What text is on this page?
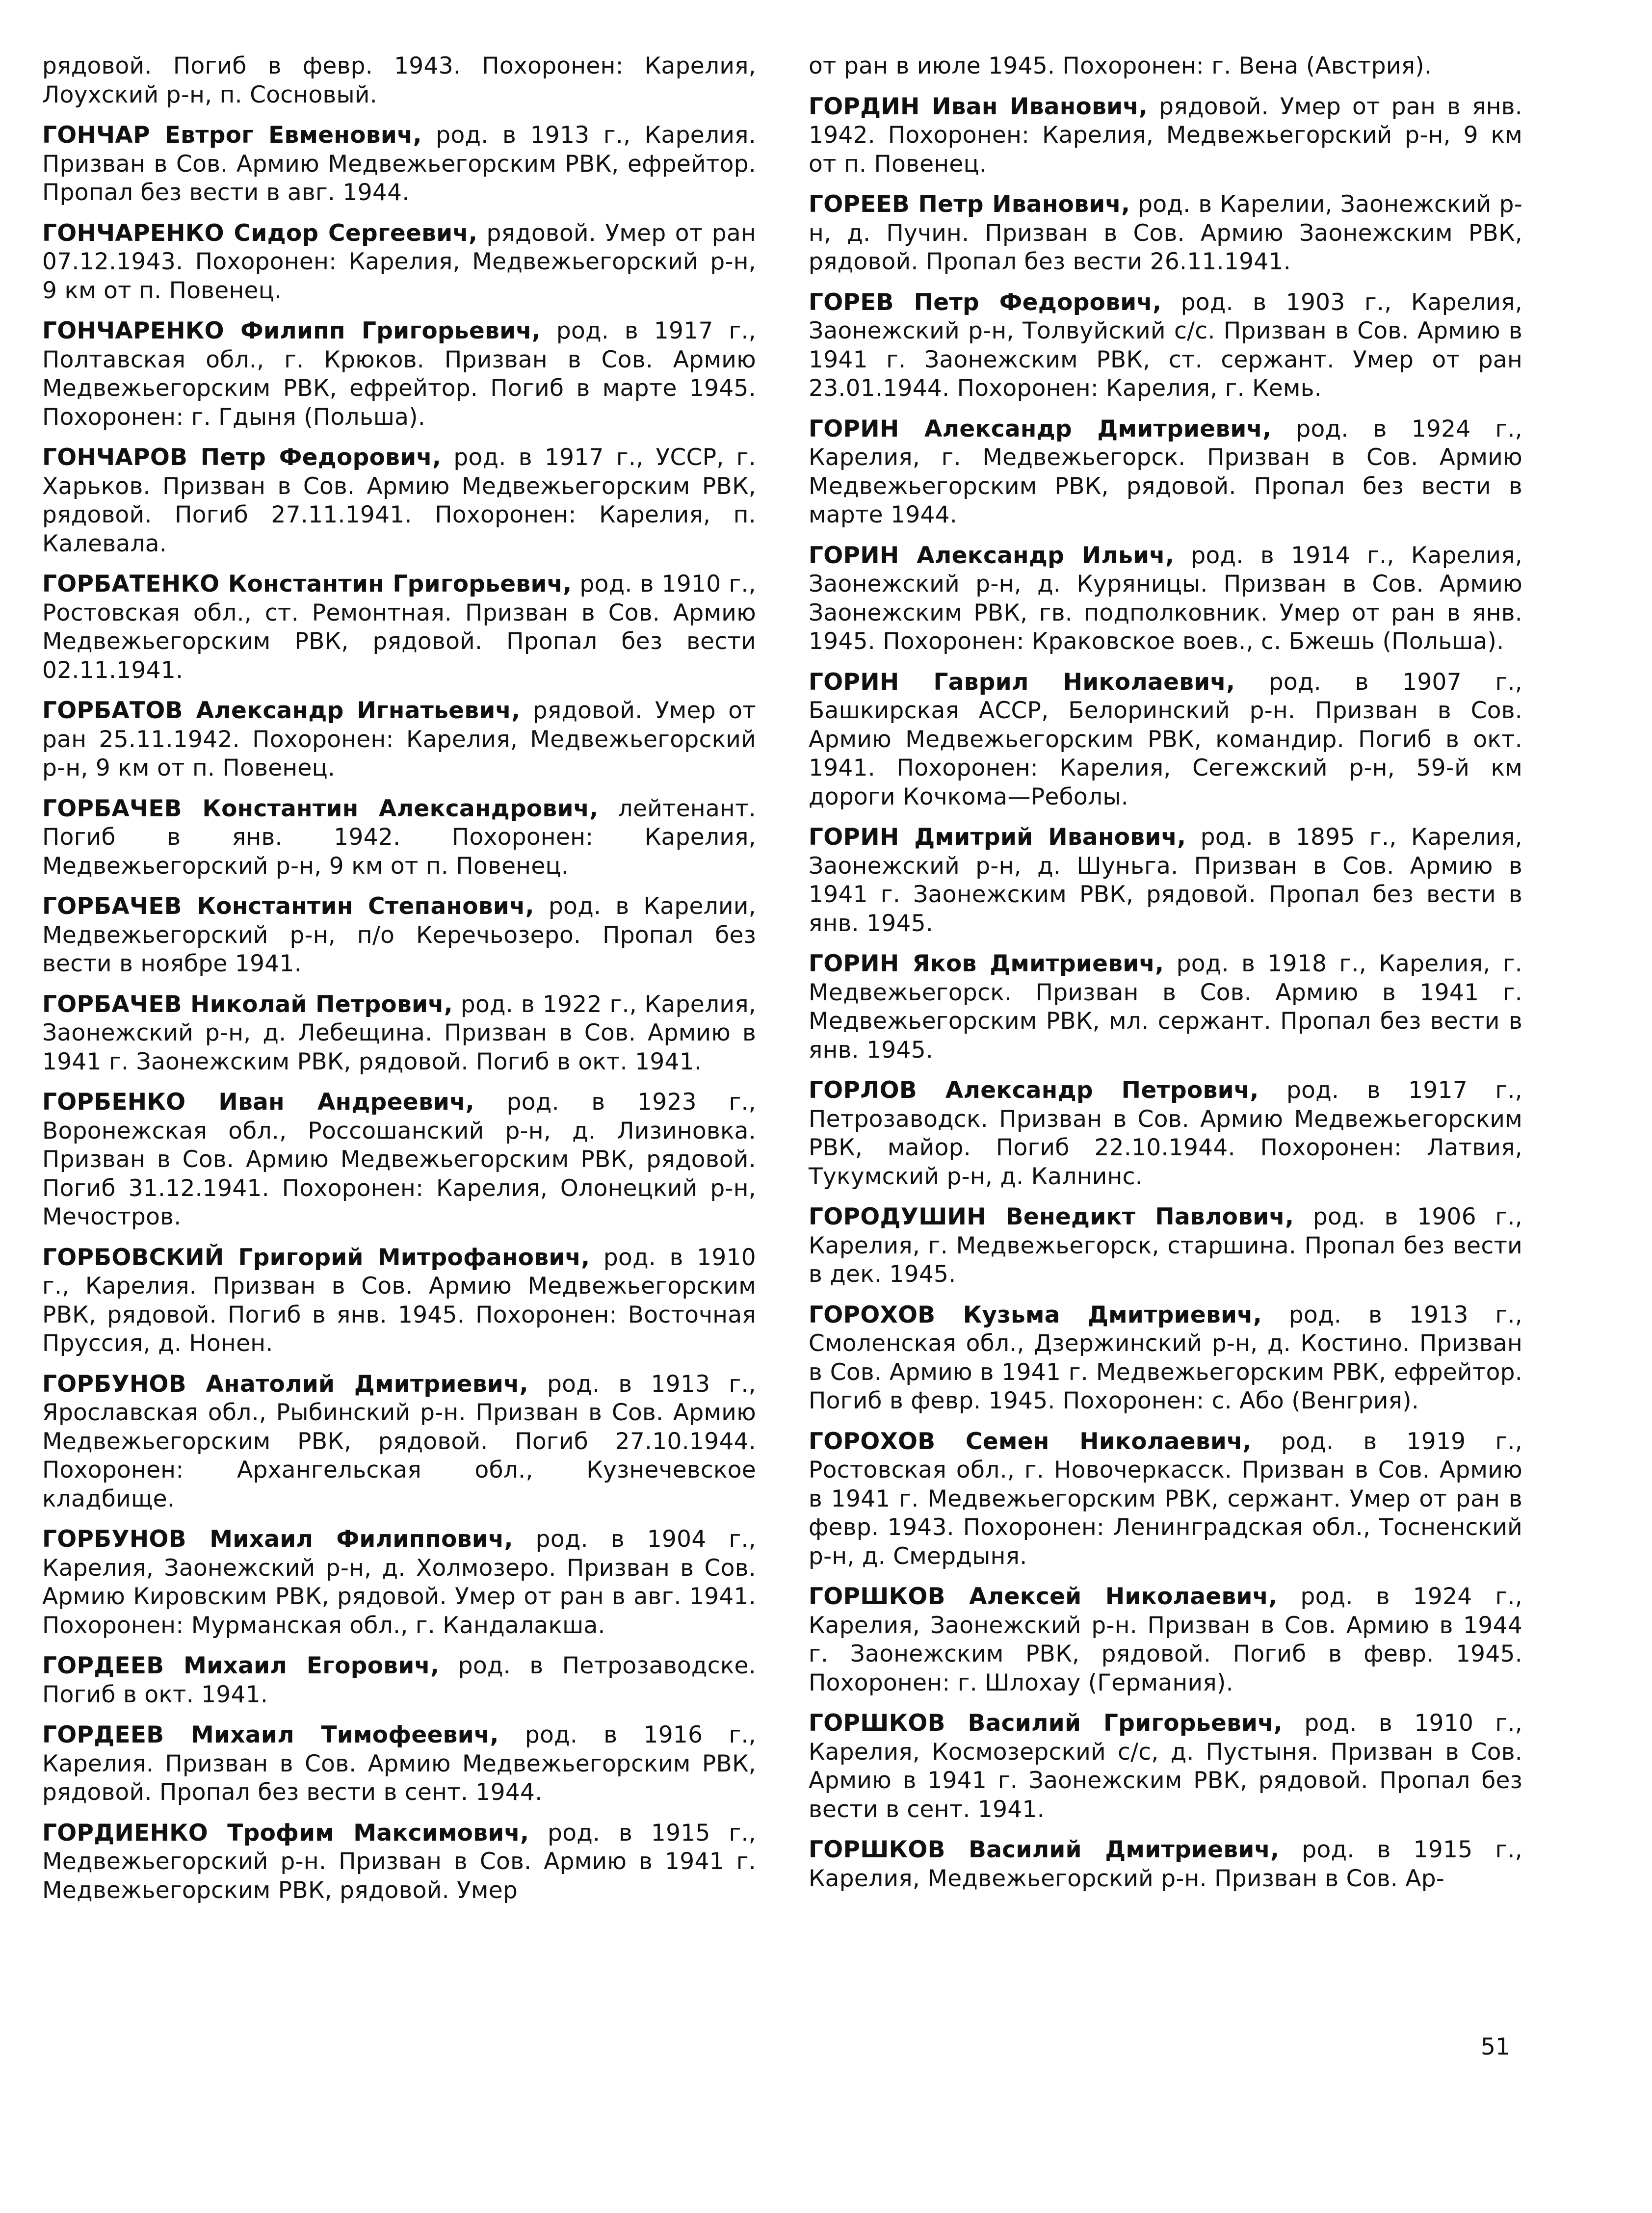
рядовой. Погиб в февр. 1943. Похоронен: Карелия, Лоухский р-н, п. Сосновый.

ГОНЧАР Евтрог Евменович, род. в 1913 г., Карелия. Призван в Сов. Армию Медвежьегорским РВК, ефрейтор. Пропал без вести в авг. 1944.

ГОНЧАРЕНКО Сидор Сергеевич, рядовой. Умер от ран 07.12.1943. Похоронен: Карелия, Медвежьегорский р-н, 9 км от п. Повенец.

ГОНЧАРЕНКО Филипп Григорьевич, род. в 1917 г., Полтавская обл., г. Крюков. Призван в Сов. Армию Медвежьегорским РВК, ефрейтор. Погиб в марте 1945. Похоронен: г. Гдыня (Польша).

ГОНЧАРОВ Петр Федорович, род. в 1917 г., УССР, г. Харьков. Призван в Сов. Армию Медвежьегорским РВК, рядовой. Погиб 27.11.1941. Похоронен: Карелия, п. Калевала.

ГОРБАТЕНКО Константин Григорьевич, род. в 1910 г., Ростовская обл., ст. Ремонтная. Призван в Сов. Армию Медвежьегорским РВК, рядовой. Пропал без вести 02.11.1941.

ГОРБАТОВ Александр Игнатьевич, рядовой. Умер от ран 25.11.1942. Похоронен: Карелия, Медвежьегорский р-н, 9 км от п. Повенец.

ГОРБАЧЕВ Константин Александрович, лейтенант. Погиб в янв. 1942. Похоронен: Карелия, Медвежьегорский р-н, 9 км от п. Повенец.

ГОРБАЧЕВ Константин Степанович, род. в Карелии, Медвежьегорский р-н, п/о Керечьозеро. Пропал без вести в ноябре 1941.

ГОРБАЧЕВ Николай Петрович, род. в 1922 г., Карелия, Заонежский р-н, д. Лебещина. Призван в Сов. Армию в 1941 г. Заонежским РВК, рядовой. Погиб в окт. 1941.

ГОРБЕНКО Иван Андреевич, род. в 1923 г., Воронежская обл., Россошанский р-н, д. Лизиновка. Призван в Сов. Армию Медвежьегорским РВК, рядовой. Погиб 31.12.1941. Похоронен: Карелия, Олонецкий р-н, Мечостров.

ГОРБОВСКИЙ Григорий Митрофанович, род. в 1910 г., Карелия. Призван в Сов. Армию Медвежьегорским РВК, рядовой. Погиб в янв. 1945. Похоронен: Восточная Пруссия, д. Нонен.

ГОРБУНОВ Анатолий Дмитриевич, род. в 1913 г., Ярославская обл., Рыбинский р-н. Призван в Сов. Армию Медвежьегорским РВК, рядовой. Погиб 27.10.1944. Похоронен: Архангельская обл., Кузнечевское кладбище.

ГОРБУНОВ Михаил Филиппович, род. в 1904 г., Карелия, Заонежский р-н, д. Холмозеро. Призван в Сов. Армию Кировским РВК, рядовой. Умер от ран в авг. 1941. Похоронен: Мурманская обл., г. Кандалакша.

ГОРДЕЕВ Михаил Егорович, род. в Петрозаводске. Погиб в окт. 1941.

ГОРДЕЕВ Михаил Тимофеевич, род. в 1916 г., Карелия. Призван в Сов. Армию Медвежьегорским РВК, рядовой. Пропал без вести в сент. 1944.

ГОРДИЕНКО Трофим Максимович, род. в 1915 г., Медвежьегорский р-н. Призван в Сов. Армию в 1941 г. Медвежьегорским РВК, рядовой. Умер

от ран в июле 1945. Похоронен: г. Вена (Австрия).

ГОРДИН Иван Иванович, рядовой. Умер от ран в янв. 1942. Похоронен: Карелия, Медвежьегорский р-н, 9 км от п. Повенец.

ГОРЕЕВ Петр Иванович, род. в Карелии, Заонежский р-н, д. Пучин. Призван в Сов. Армию Заонежским РВК, рядовой. Пропал без вести 26.11.1941.

ГОРЕВ Петр Федорович, род. в 1903 г., Карелия, Заонежский р-н, Толвуйский с/с. Призван в Сов. Армию в 1941 г. Заонежским РВК, ст. сержант. Умер от ран 23.01.1944. Похоронен: Карелия, г. Кемь.

ГОРИН Александр Дмитриевич, род. в 1924 г., Карелия, г. Медвежьегорск. Призван в Сов. Армию Медвежьегорским РВК, рядовой. Пропал без вести в марте 1944.

ГОРИН Александр Ильич, род. в 1914 г., Карелия, Заонежский р-н, д. Куряницы. Призван в Сов. Армию Заонежским РВК, гв. подполковник. Умер от ран в янв. 1945. Похоронен: Краковское воев., с. Бжешь (Польша).

ГОРИН Гаврил Николаевич, род. в 1907 г., Башкирская АССР, Белоринский р-н. Призван в Сов. Армию Медвежьегорским РВК, командир. Погиб в окт. 1941. Похоронен: Карелия, Сегежский р-н, 59-й км дороги Кочкома—Реболы.

ГОРИН Дмитрий Иванович, род. в 1895 г., Карелия, Заонежский р-н, д. Шуньга. Призван в Сов. Армию в 1941 г. Заонежским РВК, рядовой. Пропал без вести в янв. 1945.

ГОРИН Яков Дмитриевич, род. в 1918 г., Карелия, г. Медвежьегорск. Призван в Сов. Армию в 1941 г. Медвежьегорским РВК, мл. сержант. Пропал без вести в янв. 1945.

ГОРЛОВ Александр Петрович, род. в 1917 г., Петрозаводск. Призван в Сов. Армию Медвежьегорским РВК, майор. Погиб 22.10.1944. Похоронен: Латвия, Тукумский р-н, д. Калнинс.

ГОРОДУШИН Венедикт Павлович, род. в 1906 г., Карелия, г. Медвежьегорск, старшина. Пропал без вести в дек. 1945.

ГОРОХОВ Кузьма Дмитриевич, род. в 1913 г., Смоленская обл., Дзержинский р-н, д. Костино. Призван в Сов. Армию в 1941 г. Медвежьегорским РВК, ефрейтор. Погиб в февр. 1945. Похоронен: с. Або (Венгрия).

ГОРОХОВ Семен Николаевич, род. в 1919 г., Ростовская обл., г. Новочеркасск. Призван в Сов. Армию в 1941 г. Медвежьегорским РВК, сержант. Умер от ран в февр. 1943. Похоронен: Ленинградская обл., Тосненский р-н, д. Смердыня.

ГОРШКОВ Алексей Николаевич, род. в 1924 г., Карелия, Заонежский р-н. Призван в Сов. Армию в 1944 г. Заонежским РВК, рядовой. Погиб в февр. 1945. Похоронен: г. Шлохау (Германия).

ГОРШКОВ Василий Григорьевич, род. в 1910 г., Карелия, Космозерский с/с, д. Пустыня. Призван в Сов. Армию в 1941 г. Заонежским РВК, рядовой. Пропал без вести в сент. 1941.

ГОРШКОВ Василий Дмитриевич, род. в 1915 г., Карелия, Медвежьегорский р-н. Призван в Сов. Ар-

51
